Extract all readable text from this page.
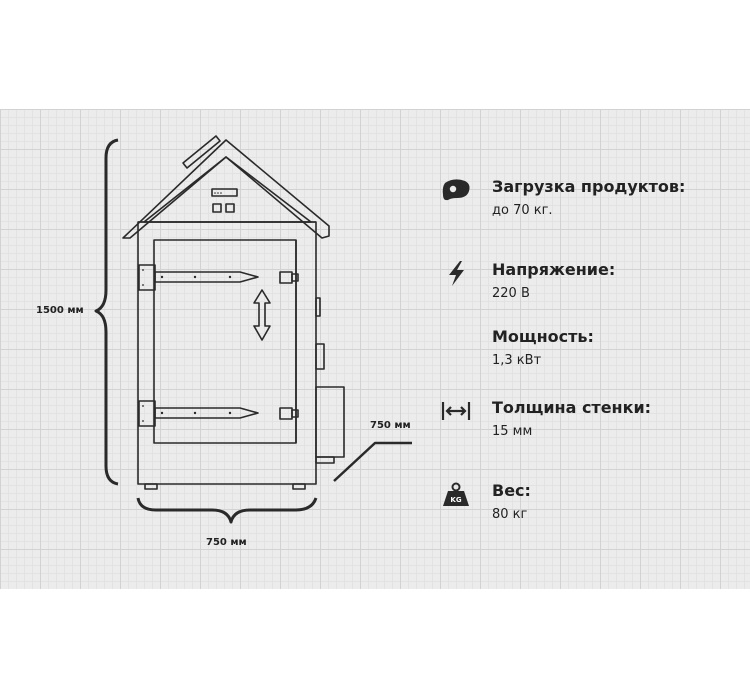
1500 мм
750 мм
750 мм
Загрузка продуктов:
до 70 кг.
Напряжение:
220 В
Мощность:
1,3 кВт
Толщина стенки:
15 мм
KG Вес:
80 кг
